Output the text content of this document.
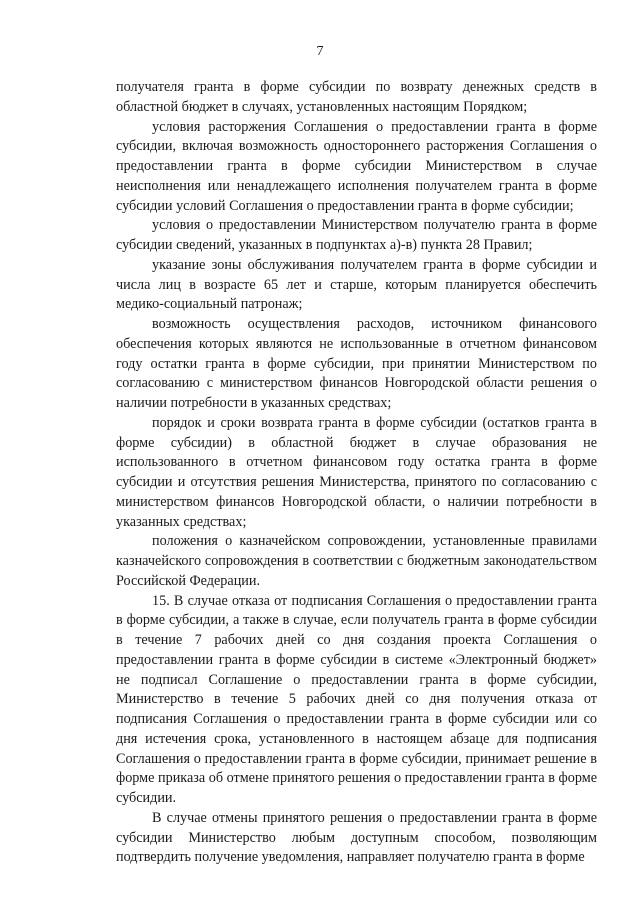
7

получателя гранта в форме субсидии по возврату денежных средств в областной бюджет в случаях, установленных настоящим Порядком;

условия расторжения Соглашения о предоставлении гранта в форме субсидии, включая возможность одностороннего расторжения Соглашения о предоставлении гранта в форме субсидии Министерством в случае неисполнения или ненадлежащего исполнения получателем гранта в форме субсидии условий Соглашения о предоставлении гранта в форме субсидии;

условия о предоставлении Министерством получателю гранта в форме субсидии сведений, указанных в подпунктах а)-в) пункта 28 Правил;

указание зоны обслуживания получателем гранта в форме субсидии и числа лиц в возрасте 65 лет и старше, которым планируется обеспечить медико-социальный патронаж;

возможность осуществления расходов, источником финансового обеспечения которых являются не использованные в отчетном финансовом году остатки гранта в форме субсидии, при принятии Министерством по согласованию с министерством финансов Новгородской области решения о наличии потребности в указанных средствах;

порядок и сроки возврата гранта в форме субсидии (остатков гранта в форме субсидии) в областной бюджет в случае образования не использованного в отчетном финансовом году остатка гранта в форме субсидии и отсутствия решения Министерства, принятого по согласованию с министерством финансов Новгородской области, о наличии потребности в указанных средствах;

положения о казначейском сопровождении, установленные правилами казначейского сопровождения в соответствии с бюджетным законодательством Российской Федерации.

15. В случае отказа от подписания Соглашения о предоставлении гранта в форме субсидии, а также в случае, если получатель гранта в форме субсидии в течение 7 рабочих дней со дня создания проекта Соглашения о предоставлении гранта в форме субсидии в системе «Электронный бюджет» не подписал Соглашение о предоставлении гранта в форме субсидии, Министерство в течение 5 рабочих дней со дня получения отказа от подписания Соглашения о предоставлении гранта в форме субсидии или со дня истечения срока, установленного в настоящем абзаце для подписания Соглашения о предоставлении гранта в форме субсидии, принимает решение в форме приказа об отмене принятого решения о предоставлении гранта в форме субсидии.

В случае отмены принятого решения о предоставлении гранта в форме субсидии Министерство любым доступным способом, позволяющим подтвердить получение уведомления, направляет получателю гранта в форме
